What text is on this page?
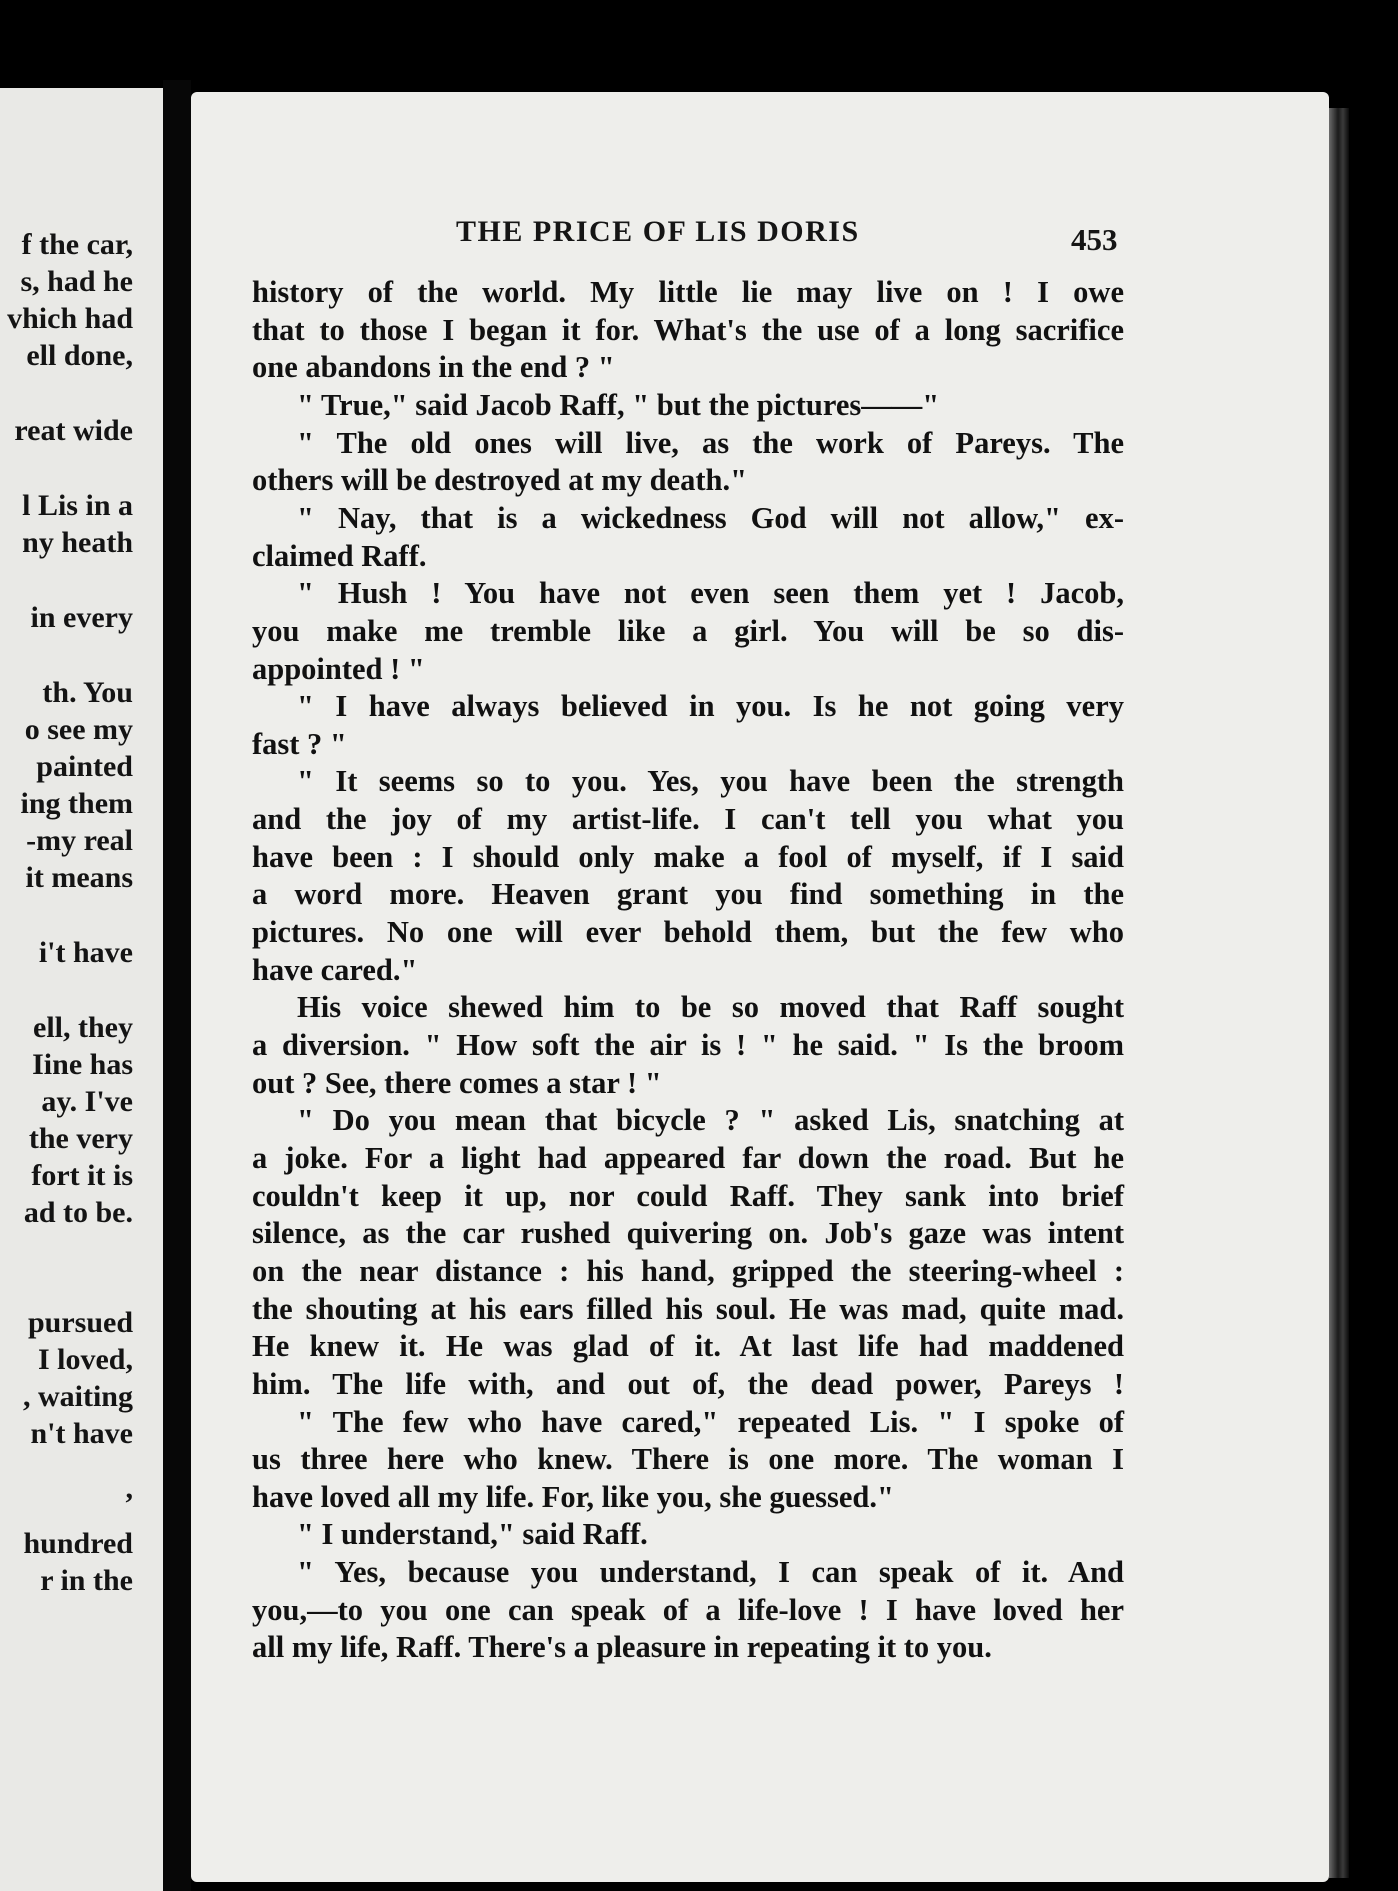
f the car,
s, had he
vhich had
ell done,
reat wide
l Lis in a
ny heath
in every
th. You
o see my
painted
ing them
-my real
it means
i't have
ell, they
Iine has
ay. I've
the very
fort it is
ad to be.
pursued
I loved,
, waiting
n't have
,
hundred
r in the
THE PRICE OF LIS DORIS	453
history of the world. My little lie may live on ! I owe
that to those I began it for. What's the use of a long sacrifice
one abandons in the end ? "
" True," said Jacob Raff, " but the pictures——"
" The old ones will live, as the work of Pareys. The
others will be destroyed at my death."
" Nay, that is a wickedness God will not allow," ex-
claimed Raff.
" Hush ! You have not even seen them yet ! Jacob,
you make me tremble like a girl. You will be so dis-
appointed ! "
" I have always believed in you. Is he not going very
fast ? "
" It seems so to you. Yes, you have been the strength
and the joy of my artist-life. I can't tell you what you
have been : I should only make a fool of myself, if I said
a word more. Heaven grant you find something in the
pictures. No one will ever behold them, but the few who
have cared."
His voice shewed him to be so moved that Raff sought
a diversion. " How soft the air is ! " he said. " Is the broom
out ? See, there comes a star ! "
" Do you mean that bicycle ? " asked Lis, snatching at
a joke. For a light had appeared far down the road. But he
couldn't keep it up, nor could Raff. They sank into brief
silence, as the car rushed quivering on. Job's gaze was intent
on the near distance : his hand, gripped the steering-wheel :
the shouting at his ears filled his soul. He was mad, quite mad.
He knew it. He was glad of it. At last life had maddened
him. The life with, and out of, the dead power, Pareys !
" The few who have cared," repeated Lis. " I spoke of
us three here who knew. There is one more. The woman I
have loved all my life. For, like you, she guessed."
" I understand," said Raff.
" Yes, because you understand, I can speak of it. And
you,—to you one can speak of a life-love ! I have loved her
all my life, Raff. There's a pleasure in repeating it to you.
